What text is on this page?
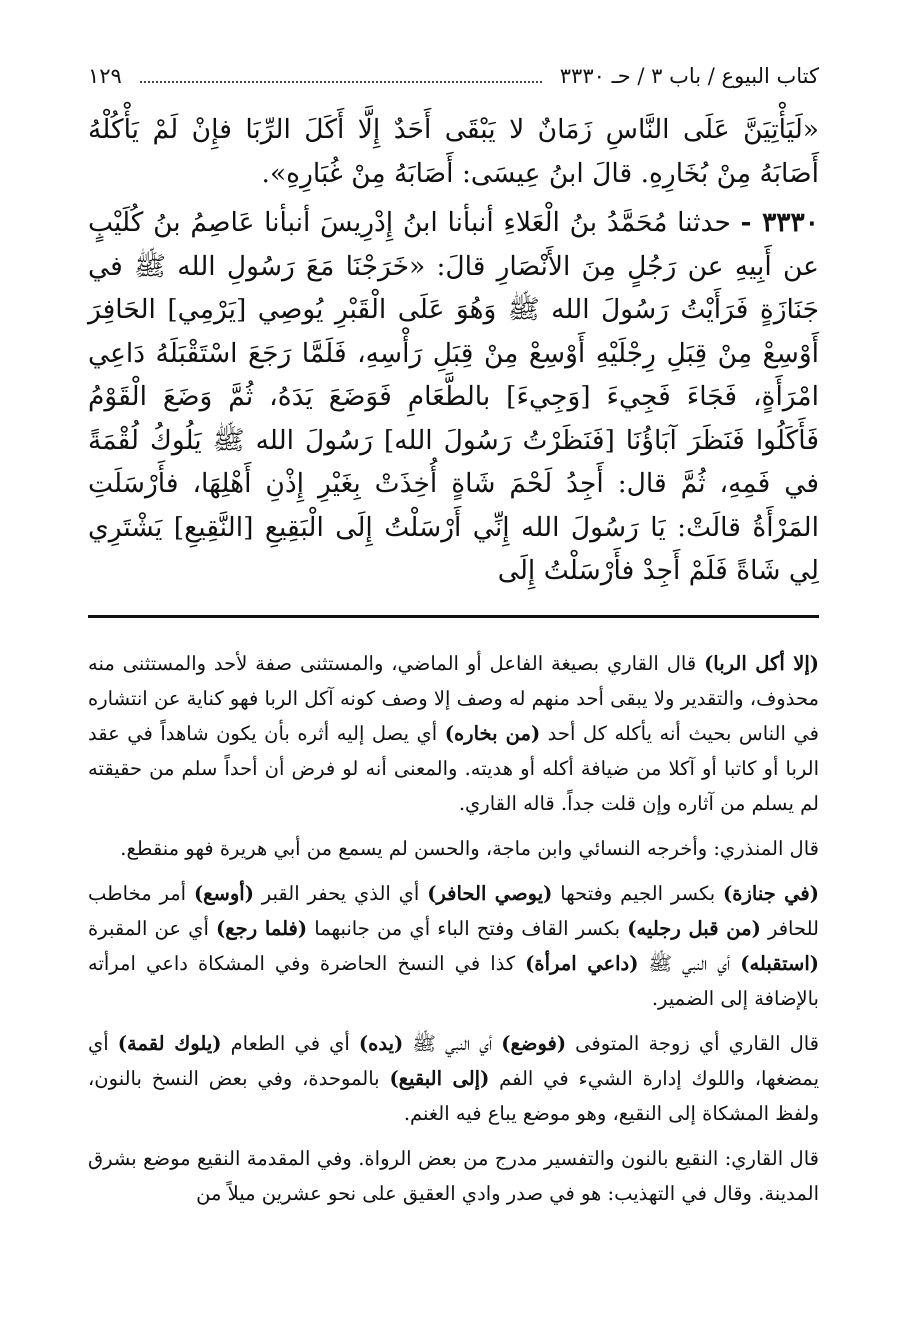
كتاب البيوع / باب ٣ / حـ ٣٣٣٠
١٢٩

«لَيَأْتِيَنَّ عَلَى النَّاسِ زَمَانٌ لا يَبْقَى أَحَدٌ إِلَّا أَكَلَ الرِّبَا فإِنْ لَمْ يَأْكُلْهُ أَصَابَهُ مِنْ بُخَارِهِ. قالَ ابنُ عِيسَى: أَصَابَهُ مِنْ غُبَارِهِ».

٣٣٣٠ - حدثنا مُحَمَّدُ بنُ الْعَلاءِ أنبأنا ابنُ إِدْرِيسَ أنبأنا عَاصِمُ بنُ كُلَيْبٍ عن أَبِيهِ عن رَجُلٍ مِنَ الأَنْصَارِ قالَ: «خَرَجْنَا مَعَ رَسُولِ الله ﷺ في جَنَازَةٍ فَرَأَيْتُ رَسُولَ الله ﷺ وَهُوَ عَلَى الْقَبْرِ يُوصِي [يَرْمِي] الحَافِرَ أَوْسِعْ مِنْ قِبَلِ رِجْلَيْهِ أَوْسِعْ مِنْ قِبَلِ رَأْسِهِ، فَلَمَّا رَجَعَ اسْتَقْبَلَهُ دَاعِي امْرَأَةٍ، فَجَاءَ فَجِيءَ [وَجِيءَ] بالطَّعَامِ فَوَضَعَ يَدَهُ، ثُمَّ وَضَعَ الْقَوْمُ فَأَكَلُوا فَنَظَرَ آبَاؤُنَا [فَنَظَرْتُ رَسُولَ الله] رَسُولَ الله ﷺ يَلُوكُ لُقْمَةً في فَمِهِ، ثُمَّ قال: أَجِدُ لَحْمَ شَاةٍ أُخِذَتْ بِغَيْرِ إِذْنِ أَهْلِهَا، فأَرْسَلَتِ المَرْأَةُ قالَتْ: يَا رَسُولَ الله إِنِّي أَرْسَلْتُ إِلَى الْبَقِيعِ [النَّقِيعِ] يَشْتَرِي لِي شَاةً فَلَمْ أَجِدْ فأَرْسَلْتُ إِلَى

(إلا أكل الربا) قال القاري بصيغة الفاعل أو الماضي، والمستثنى صفة لأحد والمستثنى منه محذوف، والتقدير ولا يبقى أحد منهم له وصف إلا وصف كونه آكل الربا فهو كناية عن انتشاره في الناس بحيث أنه يأكله كل أحد (من بخاره) أي يصل إليه أثره بأن يكون شاهداً في عقد الربا أو كاتبا أو آكلا من ضيافة أكله أو هديته. والمعنى أنه لو فرض أن أحداً سلم من حقيقته لم يسلم من آثاره وإن قلت جداً. قاله القاري.

قال المنذري: وأخرجه النسائي وابن ماجة، والحسن لم يسمع من أبي هريرة فهو منقطع.

(في جنازة) بكسر الجيم وفتحها (يوصي الحافر) أي الذي يحفر القبر (أوسع) أمر مخاطب للحافر (من قبل رجليه) بكسر القاف وفتح الباء أي من جانبهما (فلما رجع) أي عن المقبرة (استقبله) أي النبي ﷺ (داعي امرأة) كذا في النسخ الحاضرة وفي المشكاة داعي امرأته بالإضافة إلى الضمير.

قال القاري أي زوجة المتوفى (فوضع) أي النبي ﷺ (يده) أي في الطعام (يلوك لقمة) أي يمضغها، واللوك إدارة الشيء في الفم (إلى البقيع) بالموحدة، وفي بعض النسخ بالنون، ولفظ المشكاة إلى النقيع، وهو موضع يباع فيه الغنم.

قال القاري: النقيع بالنون والتفسير مدرج من بعض الرواة. وفي المقدمة النقيع موضع بشرق المدينة. وقال في التهذيب: هو في صدر وادي العقيق على نحو عشرين ميلاً من
